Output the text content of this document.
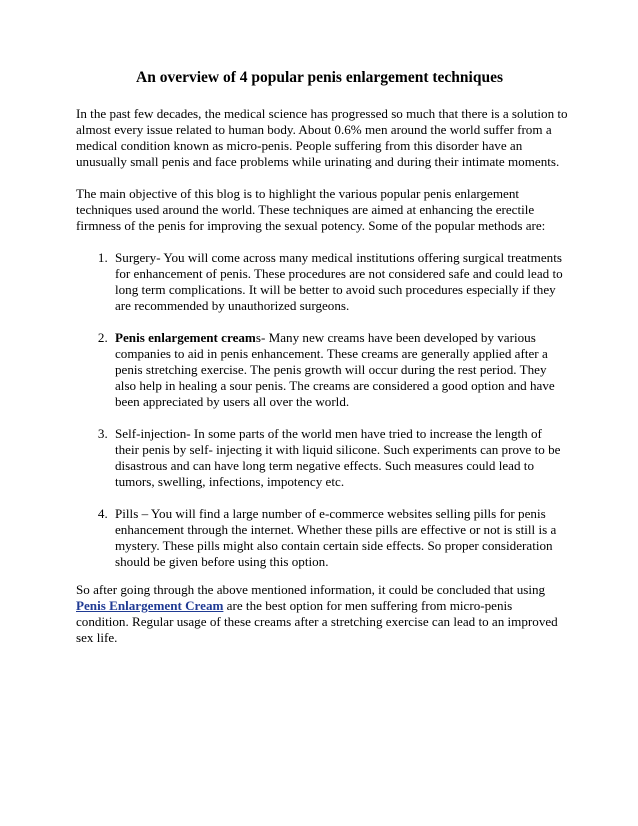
An overview of 4 popular penis enlargement techniques

In the past few decades, the medical science has progressed so much that there is a solution to almost every issue related to human body. About 0.6% men around the world suffer from a medical condition known as micro-penis. People suffering from this disorder have an unusually small penis and face problems while urinating and during their intimate moments.

The main objective of this blog is to highlight the various popular penis enlargement techniques used around the world. These techniques are aimed at enhancing the erectile firmness of the penis for improving the sexual potency. Some of the popular methods are:

1. Surgery- You will come across many medical institutions offering surgical treatments for enhancement of penis. These procedures are not considered safe and could lead to long term complications. It will be better to avoid such procedures especially if they are recommended by unauthorized surgeons.
2. Penis enlargement creams- Many new creams have been developed by various companies to aid in penis enhancement. These creams are generally applied after a penis stretching exercise. The penis growth will occur during the rest period. They also help in healing a sour penis. The creams are considered a good option and have been appreciated by users all over the world.
3. Self-injection- In some parts of the world men have tried to increase the length of their penis by self- injecting it with liquid silicone. Such experiments can prove to be disastrous and can have long term negative effects. Such measures could lead to tumors, swelling, infections, impotency etc.
4. Pills – You will find a large number of e-commerce websites selling pills for penis enhancement through the internet. Whether these pills are effective or not is still is a mystery. These pills might also contain certain side effects. So proper consideration should be given before using this option.

So after going through the above mentioned information, it could be concluded that using Penis Enlargement Cream are the best option for men suffering from micro-penis condition. Regular usage of these creams after a stretching exercise can lead to an improved sex life.
